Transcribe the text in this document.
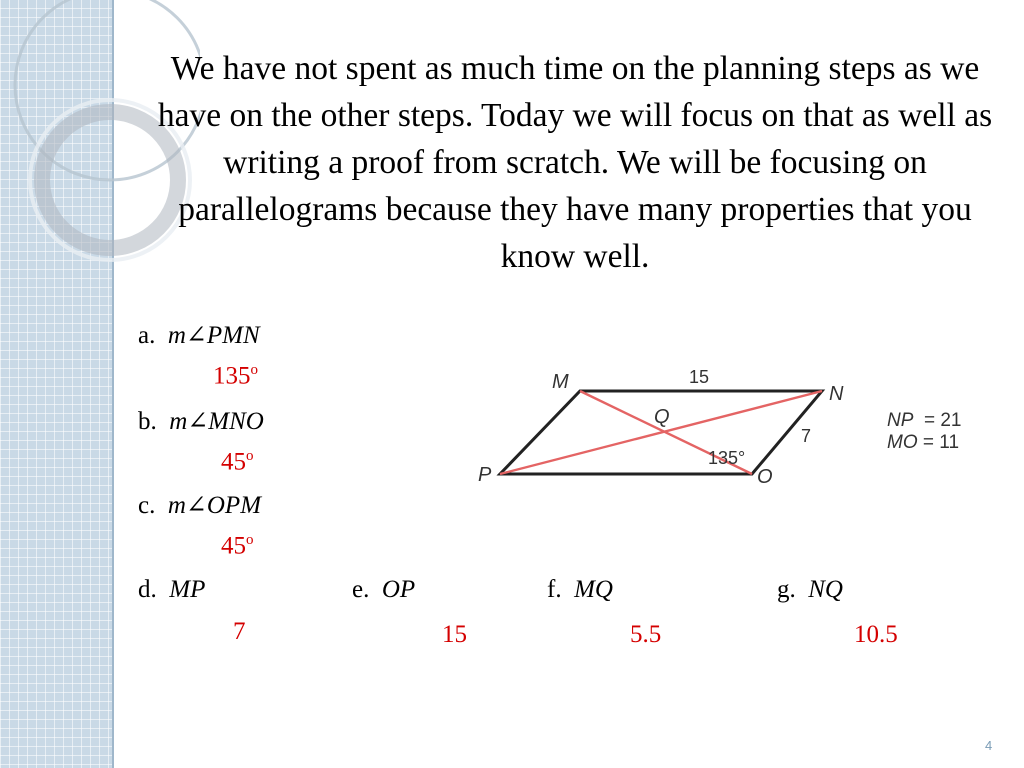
We have not spent as much time on the planning steps as we have on the other steps. Today we will focus on that as well as writing a proof from scratch. We will be focusing on parallelograms because they have many properties that you know well.
a. m∠PMN
135$^o$
b. m∠MNO
45$^o$
c. m∠OPM
45$^o$
d. MP
7
e. OP
15
f. MQ
5.5
g. NQ
10.5
M
N
O
P
Q
15
7
135°
NP = 21
MO = 11
4
